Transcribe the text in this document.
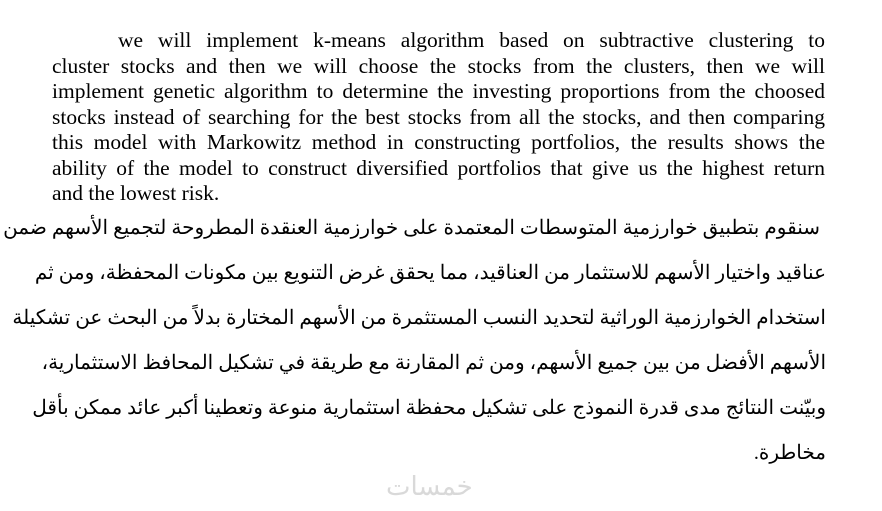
we will implement k-means algorithm based on subtractive clustering to
cluster stocks and then we will choose the stocks from the clusters, then we will
implement genetic algorithm to determine the investing proportions from the choosed
stocks instead of searching for the best stocks from all the stocks, and then comparing
this model with Markowitz method in constructing portfolios, the results shows the
ability of the model to construct diversified portfolios that give us the highest return
and the lowest risk.
سنقوم بتطبيق خوارزمية المتوسطات المعتمدة على خوارزمية العنقدة المطروحة لتجميع الأسهم ضمن
عناقيد واختيار الأسهم للاستثمار من العناقيد، مما يحقق غرض التنويع بين مكونات المحفظة، ومن ثم
استخدام الخوارزمية الوراثية لتحديد النسب المستثمرة من الأسهم المختارة بدلاً من البحث عن تشكيلة
الأسهم الأفضل من بين جميع الأسهم، ومن ثم المقارنة مع طريقة في تشكيل المحافظ الاستثمارية،
وبيّنت النتائج مدى قدرة النموذج على تشكيل محفظة استثمارية منوعة وتعطينا أكبر عائد ممكن بأقل
مخاطرة.
خمسات
